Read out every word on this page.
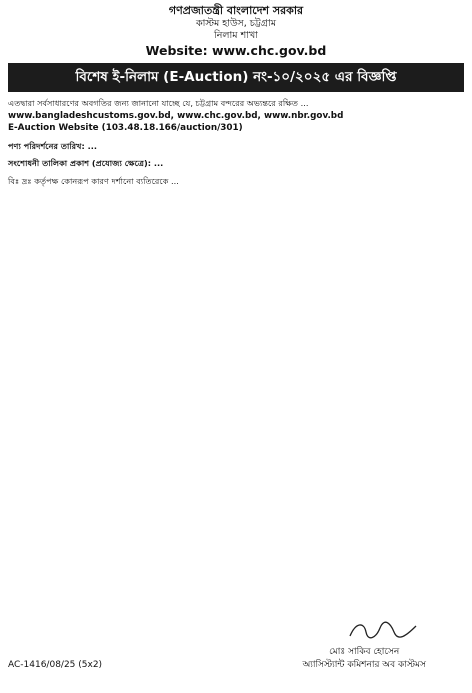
গণপ্রজাতন্ত্রী বাংলাদেশ সরকার
কাস্টম হাউস, চট্টগ্রাম
নিলাম শাখা
Website: www.chc.gov.bd
বিশেষ ই-নিলাম (E-Auction) নং-১০/২০২৫ এর বিজ্ঞপ্তি

এতদ্বারা সর্বসাধারণের অবগতির জন্য জানানো যাচ্ছে যে, চট্টগ্রাম বন্দরের অভ্যন্তরে রক্ষিত ...
www.bangladeshcustoms.gov.bd, www.chc.gov.bd, www.nbr.gov.bd
E-Auction Website (103.48.18.166/auction/301)

পণ্য পরিদর্শনের তারিখ: ...

সংশোধনী তালিকা প্রকাশ (প্রযোজ্য ক্ষেত্রে): ...

বিঃ দ্রঃ কর্তৃপক্ষ কোনরূপ কারণ দর্শানো ব্যতিরেকে ...

মোঃ সাকিব হোসেন
অ্যাসিস্ট্যান্ট কমিশনার অব কাস্টমস
AC-1416/08/25 (5x2)
